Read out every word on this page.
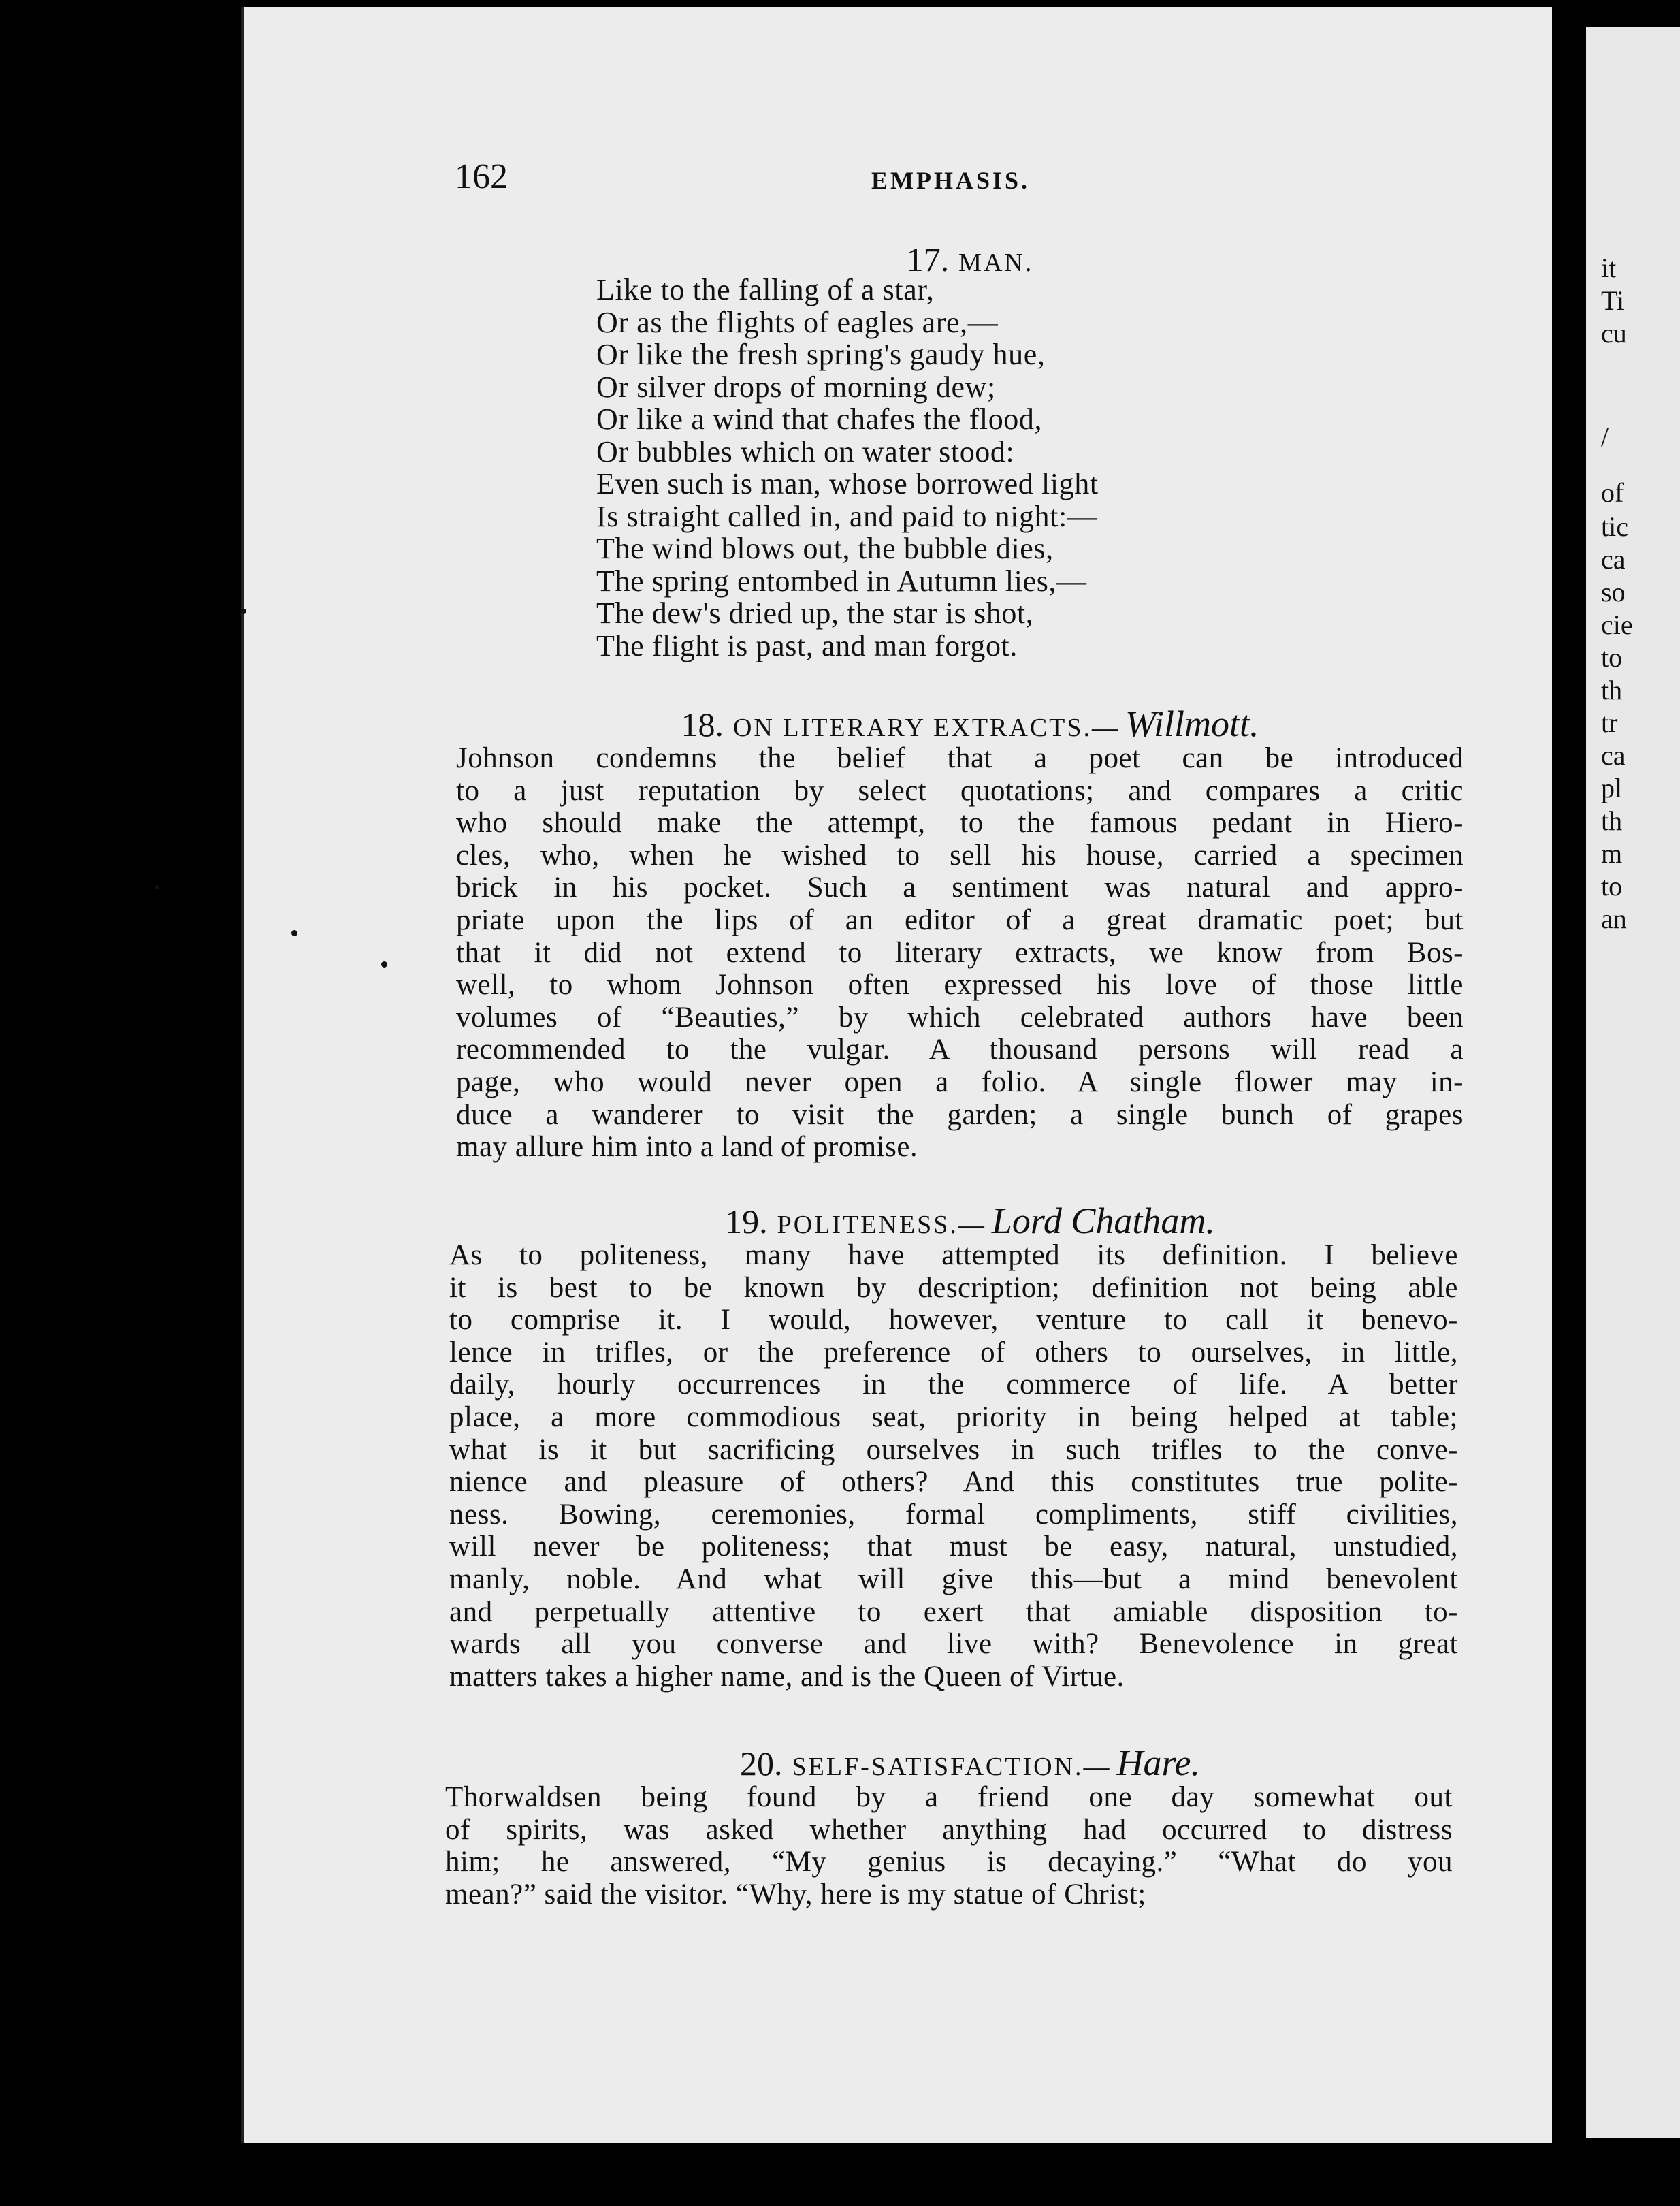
it
Ti
cu
/
of
tic
ca
so
cie
to
th
tr
ca
pl
th
m
to
an
162	EMPHASIS.
17. MAN.
Like to the falling of a star,
Or as the flights of eagles are,—
Or like the fresh spring's gaudy hue,
Or silver drops of morning dew;
Or like a wind that chafes the flood,
Or bubbles which on water stood:
Even such is man, whose borrowed light
Is straight called in, and paid to night:—
The wind blows out, the bubble dies,
The spring entombed in Autumn lies,—
The dew's dried up, the star is shot,
The flight is past, and man forgot.
18. ON LITERARY EXTRACTS.— Willmott.
Johnson condemns the belief that a poet can be introduced
to a just reputation by select quotations; and compares a critic
who should make the attempt, to the famous pedant in Hiero-
cles, who, when he wished to sell his house, carried a specimen
brick in his pocket. Such a sentiment was natural and appro-
priate upon the lips of an editor of a great dramatic poet; but
that it did not extend to literary extracts, we know from Bos-
well, to whom Johnson often expressed his love of those little
volumes of “Beauties,” by which celebrated authors have been
recommended to the vulgar. A thousand persons will read a
page, who would never open a folio. A single flower may in-
duce a wanderer to visit the garden; a single bunch of grapes
may allure him into a land of promise.
19. POLITENESS.— Lord Chatham.
As to politeness, many have attempted its definition. I believe
it is best to be known by description; definition not being able
to comprise it. I would, however, venture to call it benevo-
lence in trifles, or the preference of others to ourselves, in little,
daily, hourly occurrences in the commerce of life. A better
place, a more commodious seat, priority in being helped at table;
what is it but sacrificing ourselves in such trifles to the conve-
nience and pleasure of others? And this constitutes true polite-
ness. Bowing, ceremonies, formal compliments, stiff civilities,
will never be politeness; that must be easy, natural, unstudied,
manly, noble. And what will give this—but a mind benevolent
and perpetually attentive to exert that amiable disposition to-
wards all you converse and live with? Benevolence in great
matters takes a higher name, and is the Queen of Virtue.
20. SELF-SATISFACTION.— Hare.
Thorwaldsen being found by a friend one day somewhat out
of spirits, was asked whether anything had occurred to distress
him; he answered, “My genius is decaying.” “What do you
mean?” said the visitor. “Why, here is my statue of Christ;
